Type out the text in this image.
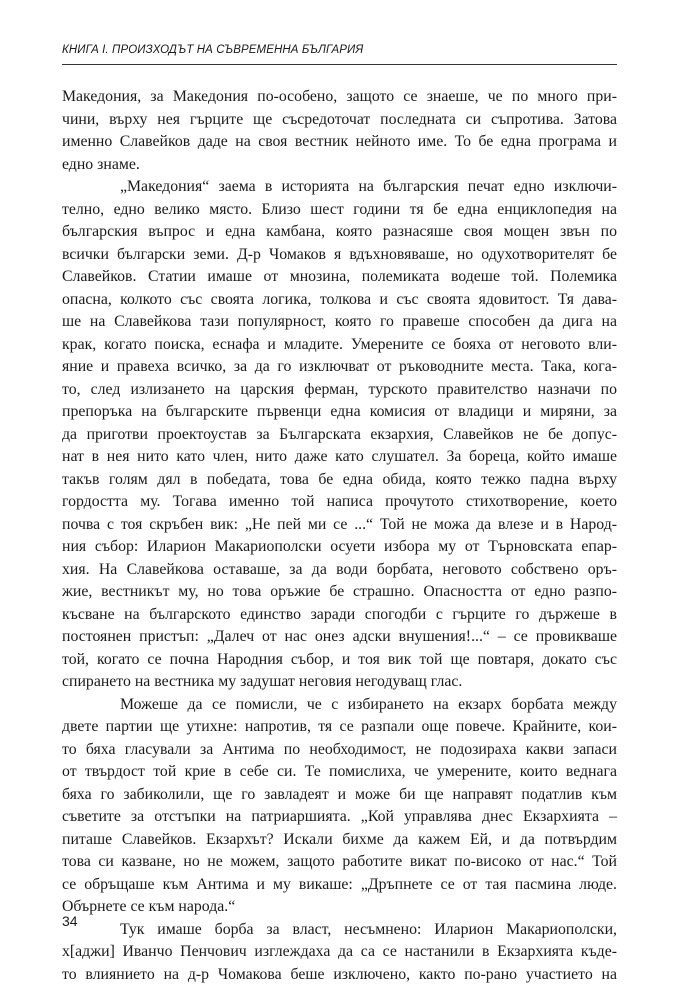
КНИГА I. ПРОИЗХОДЪТ НА СЪВРЕМЕННА БЪЛГАРИЯ
Македония, за Македония по-особено, защото се знаеше, че по много при-
чини, върху нея гърците ще съсредоточат последната си съпротива. Затова
именно Славейков даде на своя вестник нейното име. То бе една програма и
едно знаме.
„Македония“ заема в историята на българския печат едно изключи-
телно, едно велико място. Близо шест години тя бе една енциклопедия на
българския въпрос и една камбана, която разнасяше своя мощен звън по
всички български земи. Д-р Чомаков я вдъхновяваше, но одухотворителят бе
Славейков. Статии имаше от мнозина, полемиката водеше той. Полемика
опасна, колкото със своята логика, толкова и със своята ядовитост. Тя дава-
ше на Славейкова тази популярност, която го правеше способен да дига на
крак, когато поиска, еснафа и младите. Умерените се бояха от неговото вли-
яние и правеха всичко, за да го изключват от ръководните места. Така, кога-
то, след излизането на царския ферман, турското правителство назначи по
препоръка на българските първенци една комисия от владици и миряни, за
да приготви проектоустав за Българската екзархия, Славейков не бе допус-
нат в нея нито като член, нито даже като слушател. За бореца, който имаше
такъв голям дял в победата, това бе една обида, която тежко падна върху
гордостта му. Тогава именно той написа прочутото стихотворение, което
почва с тоя скръбен вик: „Не пей ми се ...“ Той не можа да влезе и в Народ-
ния събор: Иларион Макариополски осуети избора му от Търновската епар-
хия. На Славейкова оставаше, за да води борбата, неговото собствено оръ-
жие, вестникът му, но това оръжие бе страшно. Опасността от едно разпо-
късване на българското единство заради спогодби с гърците го държеше в
постоянен пристъп: „Далеч от нас онез адски внушения!...“ – се провикваше
той, когато се почна Народния събор, и тоя вик той ще повтаря, докато със
спирането на вестника му задушат неговия негодуващ глас.
Можеше да се помисли, че с избирането на екзарх борбата между
двете партии ще утихне: напротив, тя се разпали още повече. Крайните, кои-
то бяха гласували за Антима по необходимост, не подозираха какви запаси
от твърдост той крие в себе си. Те помислиха, че умерените, които веднага
бяха го забиколили, ще го завладеят и може би ще направят податлив към
съветите за отстъпки на патриаршията. „Кой управлява днес Екзархията –
питаше Славейков. Екзархът? Искали бихме да кажем Ей, и да потвърдим
това си казване, но не можем, защото работите викат по-високо от нас.“ Той
се обръщаше към Антима и му викаше: „Дръпнете се от тая пасмина люде.
Обърнете се към народа.“
Тук имаше борба за власт, несъмнено: Иларион Макариополски,
х[аджи] Иванчо Пенчович изглеждаха да са се настанили в Екзархията къде-
то влиянието на д-р Чомакова беше изключено, както по-рано участието на
34
